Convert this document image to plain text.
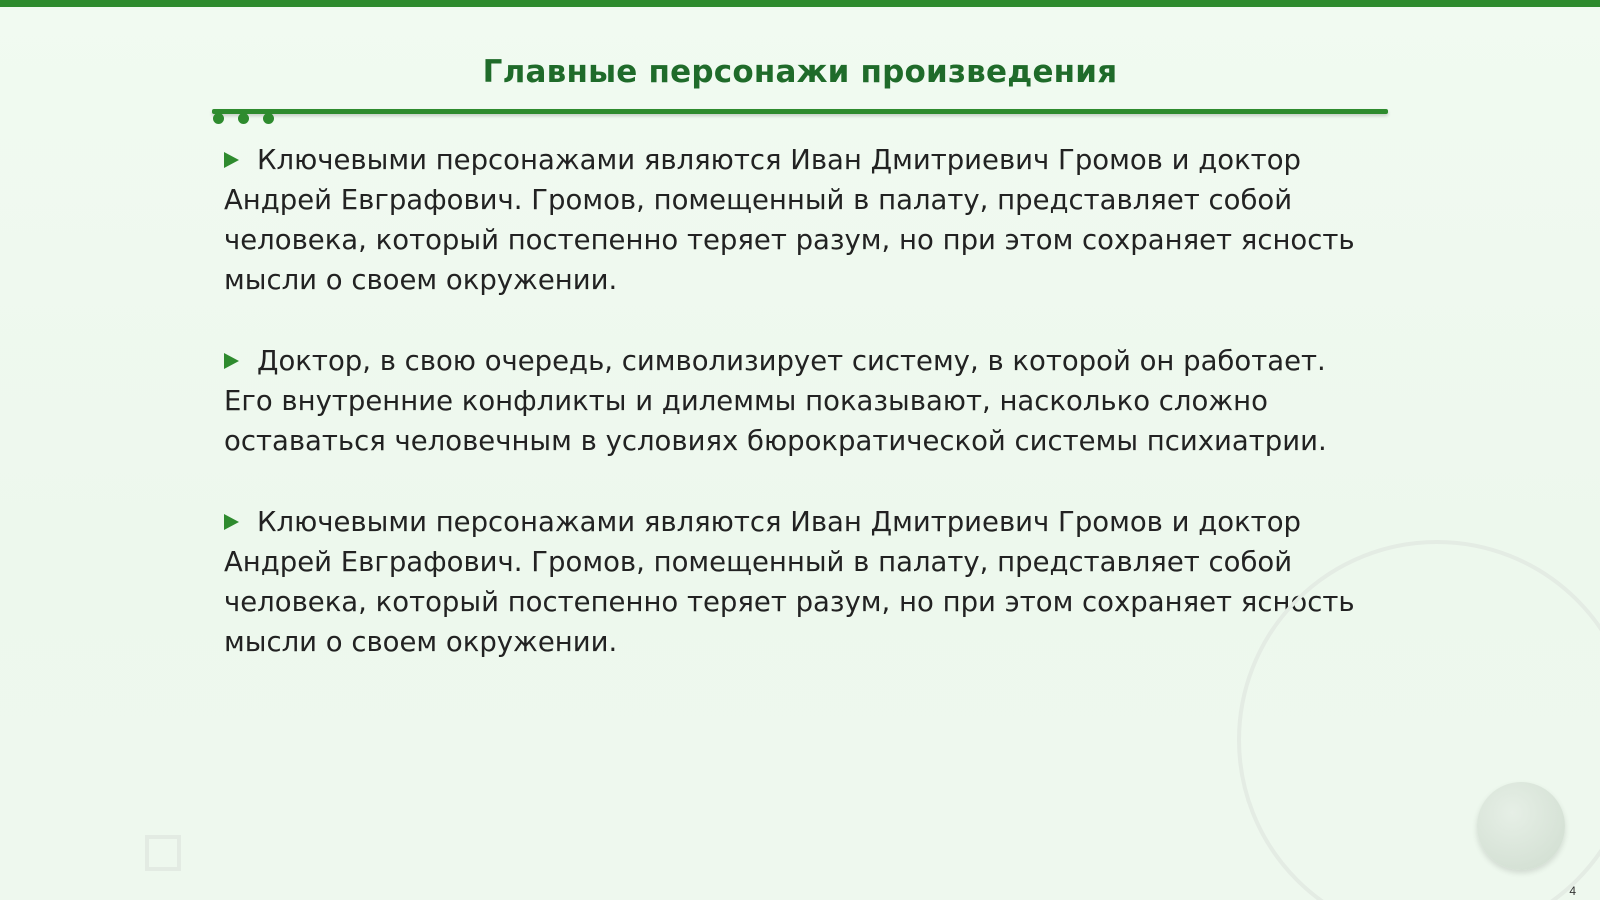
Главные персонажи произведения
Ключевыми персонажами являются Иван Дмитриевич Громов и доктор Андрей Евграфович. Громов, помещенный в палату, представляет собой человека, который постепенно теряет разум, но при этом сохраняет ясность мысли о своем окружении.
Доктор, в свою очередь, символизирует систему, в которой он работает. Его внутренние конфликты и дилеммы показывают, насколько сложно оставаться человечным в условиях бюрократической системы психиатрии.
Ключевыми персонажами являются Иван Дмитриевич Громов и доктор Андрей Евграфович. Громов, помещенный в палату, представляет собой человека, который постепенно теряет разум, но при этом сохраняет ясность мысли о своем окружении.
4
